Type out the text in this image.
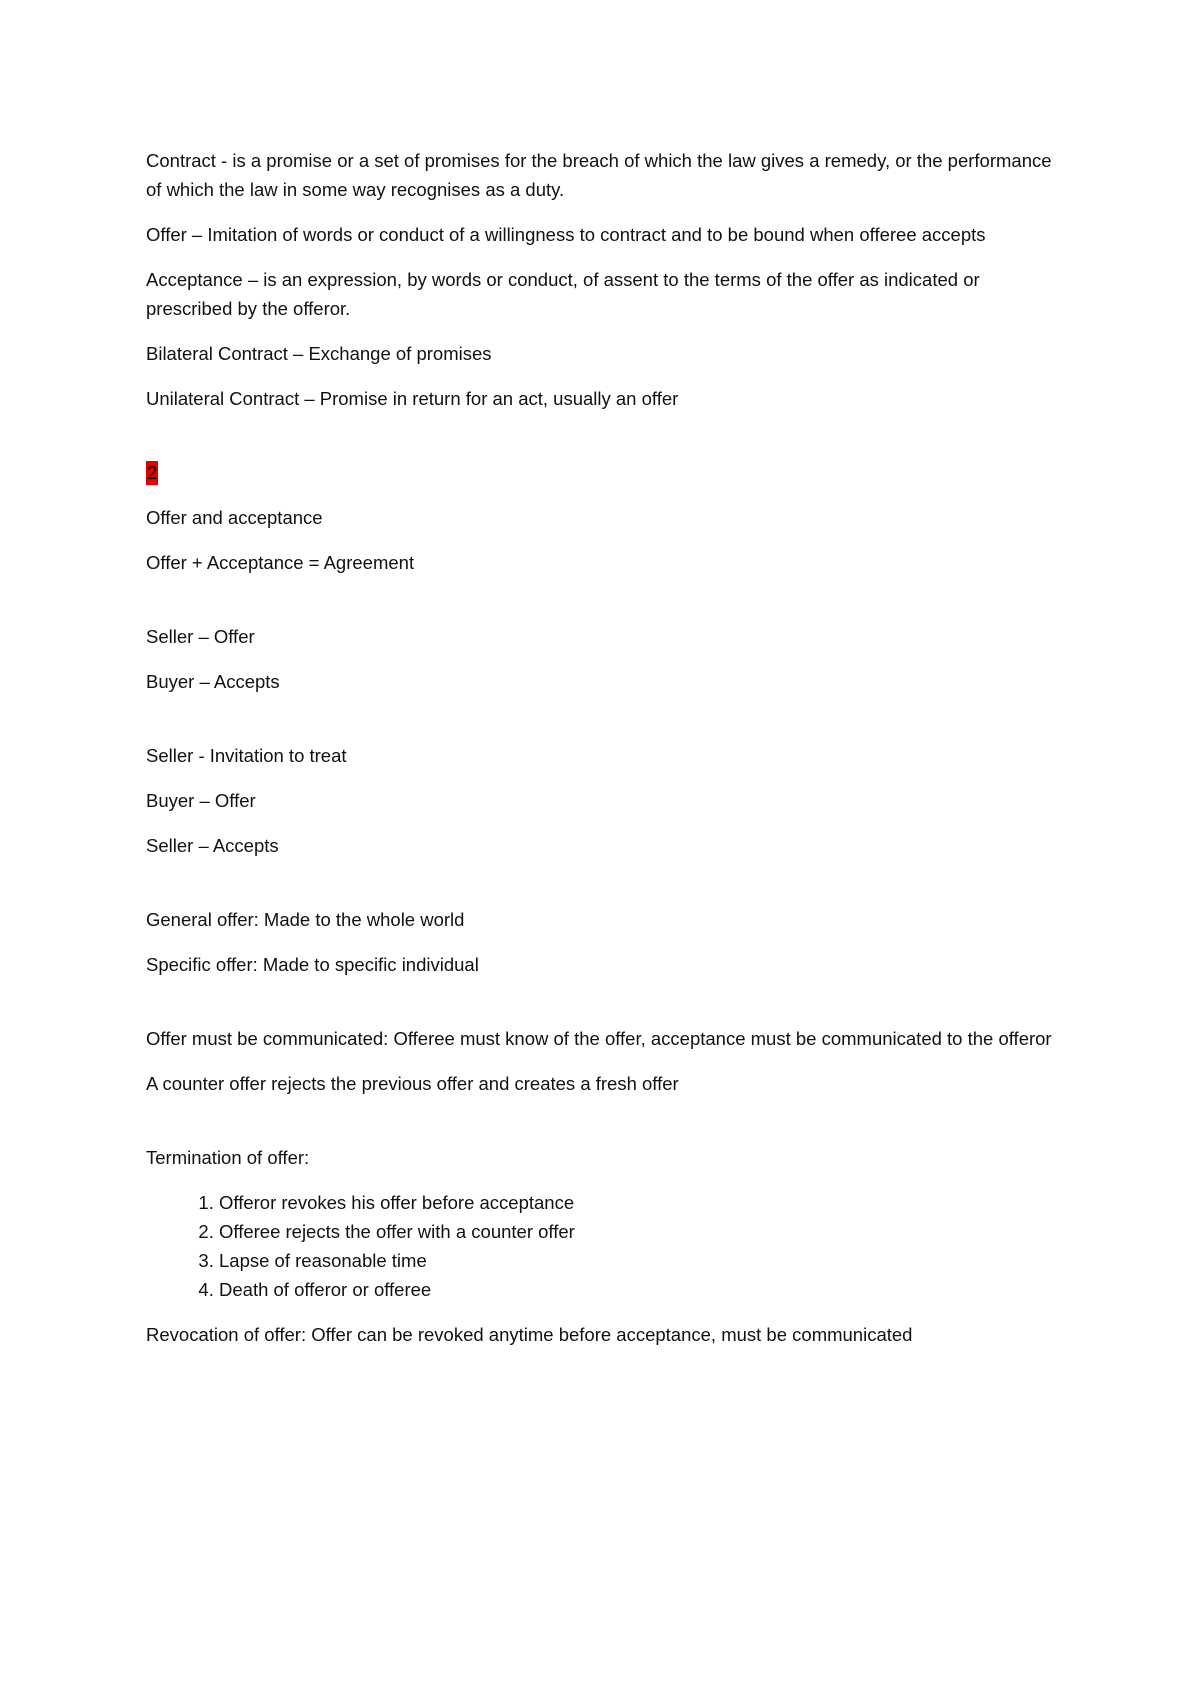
Contract - is a promise or a set of promises for the breach of which the law gives a remedy, or the performance of which the law in some way recognises as a duty.

Offer – Imitation of words or conduct of a willingness to contract and to be bound when offeree accepts

Acceptance – is an expression, by words or conduct, of assent to the terms of the offer as indicated or prescribed by the offeror.

Bilateral Contract – Exchange of promises

Unilateral Contract – Promise in return for an act, usually an offer

2

Offer and acceptance

Offer + Acceptance = Agreement

Seller – Offer

Buyer – Accepts

Seller - Invitation to treat

Buyer – Offer

Seller – Accepts

General offer: Made to the whole world

Specific offer: Made to specific individual

Offer must be communicated: Offeree must know of the offer, acceptance must be communicated to the offeror

A counter offer rejects the previous offer and creates a fresh offer

Termination of offer:

1. Offeror revokes his offer before acceptance
2. Offeree rejects the offer with a counter offer
3. Lapse of reasonable time
4. Death of offeror or offeree

Revocation of offer: Offer can be revoked anytime before acceptance, must be communicated
